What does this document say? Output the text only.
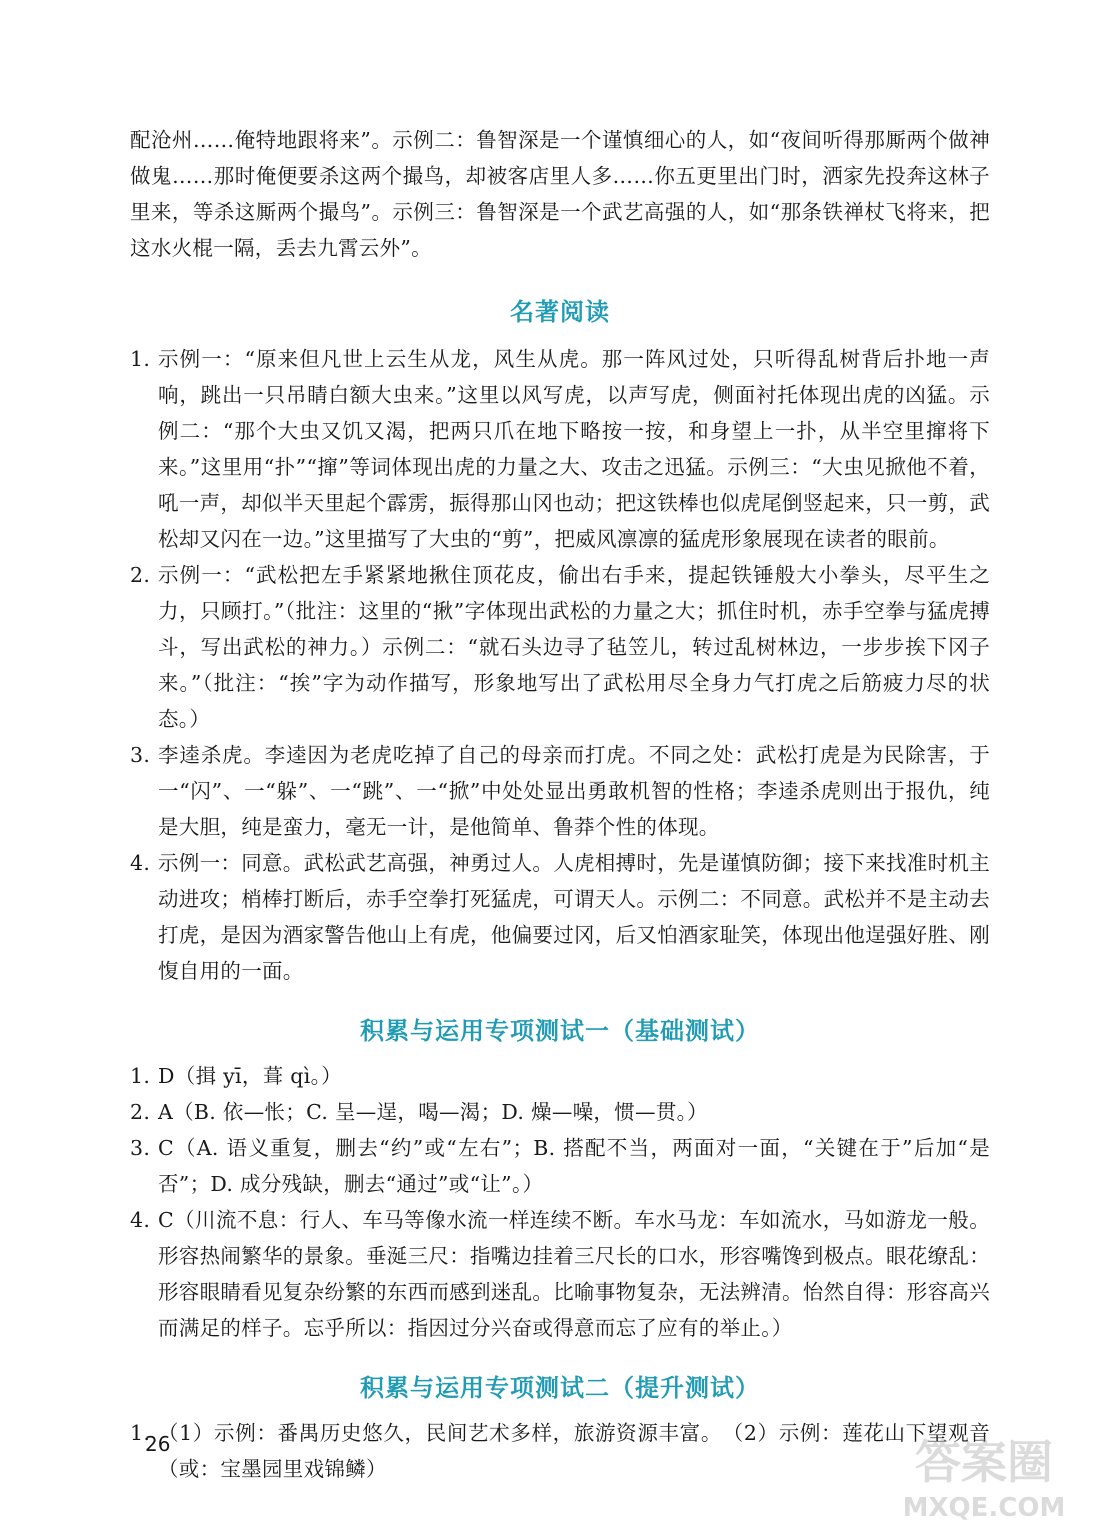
配沧州……俺特地跟将来”。示例二：鲁智深是一个谨慎细心的人，如“夜间听得那厮两个做神做鬼……那时俺便要杀这两个撮鸟，却被客店里人多……你五更里出门时，洒家先投奔这林子里来，等杀这厮两个撮鸟”。示例三：鲁智深是一个武艺高强的人，如“那条铁禅杖飞将来，把这水火棍一隔，丢去九霄云外”。

名著阅读
1. 示例一：“原来但凡世上云生从龙，风生从虎。那一阵风过处，只听得乱树背后扑地一声响，跳出一只吊睛白额大虫来。”这里以风写虎，以声写虎，侧面衬托体现出虎的凶猛。示例二：“那个大虫又饥又渴，把两只爪在地下略按一按，和身望上一扑，从半空里撺将下来。”这里用“扑”“撺”等词体现出虎的力量之大、攻击之迅猛。示例三：“大虫见掀他不着，吼一声，却似半天里起个霹雳，振得那山冈也动；把这铁棒也似虎尾倒竖起来，只一剪，武松却又闪在一边。”这里描写了大虫的“剪”，把威风凛凛的猛虎形象展现在读者的眼前。
2. 示例一：“武松把左手紧紧地揪住顶花皮，偷出右手来，提起铁锤般大小拳头，尽平生之力，只顾打。”（批注：这里的“揪”字体现出武松的力量之大；抓住时机，赤手空拳与猛虎搏斗，写出武松的神力。）示例二：“就石头边寻了毡笠儿，转过乱树林边，一步步挨下冈子来。”（批注：“挨”字为动作描写，形象地写出了武松用尽全身力气打虎之后筋疲力尽的状态。）
3. 李逵杀虎。李逵因为老虎吃掉了自己的母亲而打虎。不同之处：武松打虎是为民除害，于一“闪”、一“躲”、一“跳”、一“掀”中处处显出勇敢机智的性格；李逵杀虎则出于报仇，纯是大胆，纯是蛮力，毫无一计，是他简单、鲁莽个性的体现。
4. 示例一：同意。武松武艺高强，神勇过人。人虎相搏时，先是谨慎防御；接下来找准时机主动进攻；梢棒打断后，赤手空拳打死猛虎，可谓天人。示例二：不同意。武松并不是主动去打虎，是因为酒家警告他山上有虎，他偏要过冈，后又怕酒家耻笑，体现出他逞强好胜、刚愎自用的一面。
积累与运用专项测试一（基础测试）
1. D（揖 yī，葺 qì。）
2. A（B. 依—怅；C. 呈—逞，喝—渴；D. 燥—噪，惯—贯。）
3. C（A. 语义重复，删去“约”或“左右”；B. 搭配不当，两面对一面，“关键在于”后加“是否”；D. 成分残缺，删去“通过”或“让”。）
4. C（川流不息：行人、车马等像水流一样连续不断。车水马龙：车如流水，马如游龙一般。形容热闹繁华的景象。垂涎三尺：指嘴边挂着三尺长的口水，形容嘴馋到极点。眼花缭乱：形容眼睛看见复杂纷繁的东西而感到迷乱。比喻事物复杂，无法辨清。怡然自得：形容高兴而满足的样子。忘乎所以：指因过分兴奋或得意而忘了应有的举止。）
积累与运用专项测试二（提升测试）
1. （1）示例：番禺历史悠久，民间艺术多样，旅游资源丰富。　（2）示例：莲花山下望观音（或：宝墨园里戏锦鳞）
26	答案圈
MXQE.COM
